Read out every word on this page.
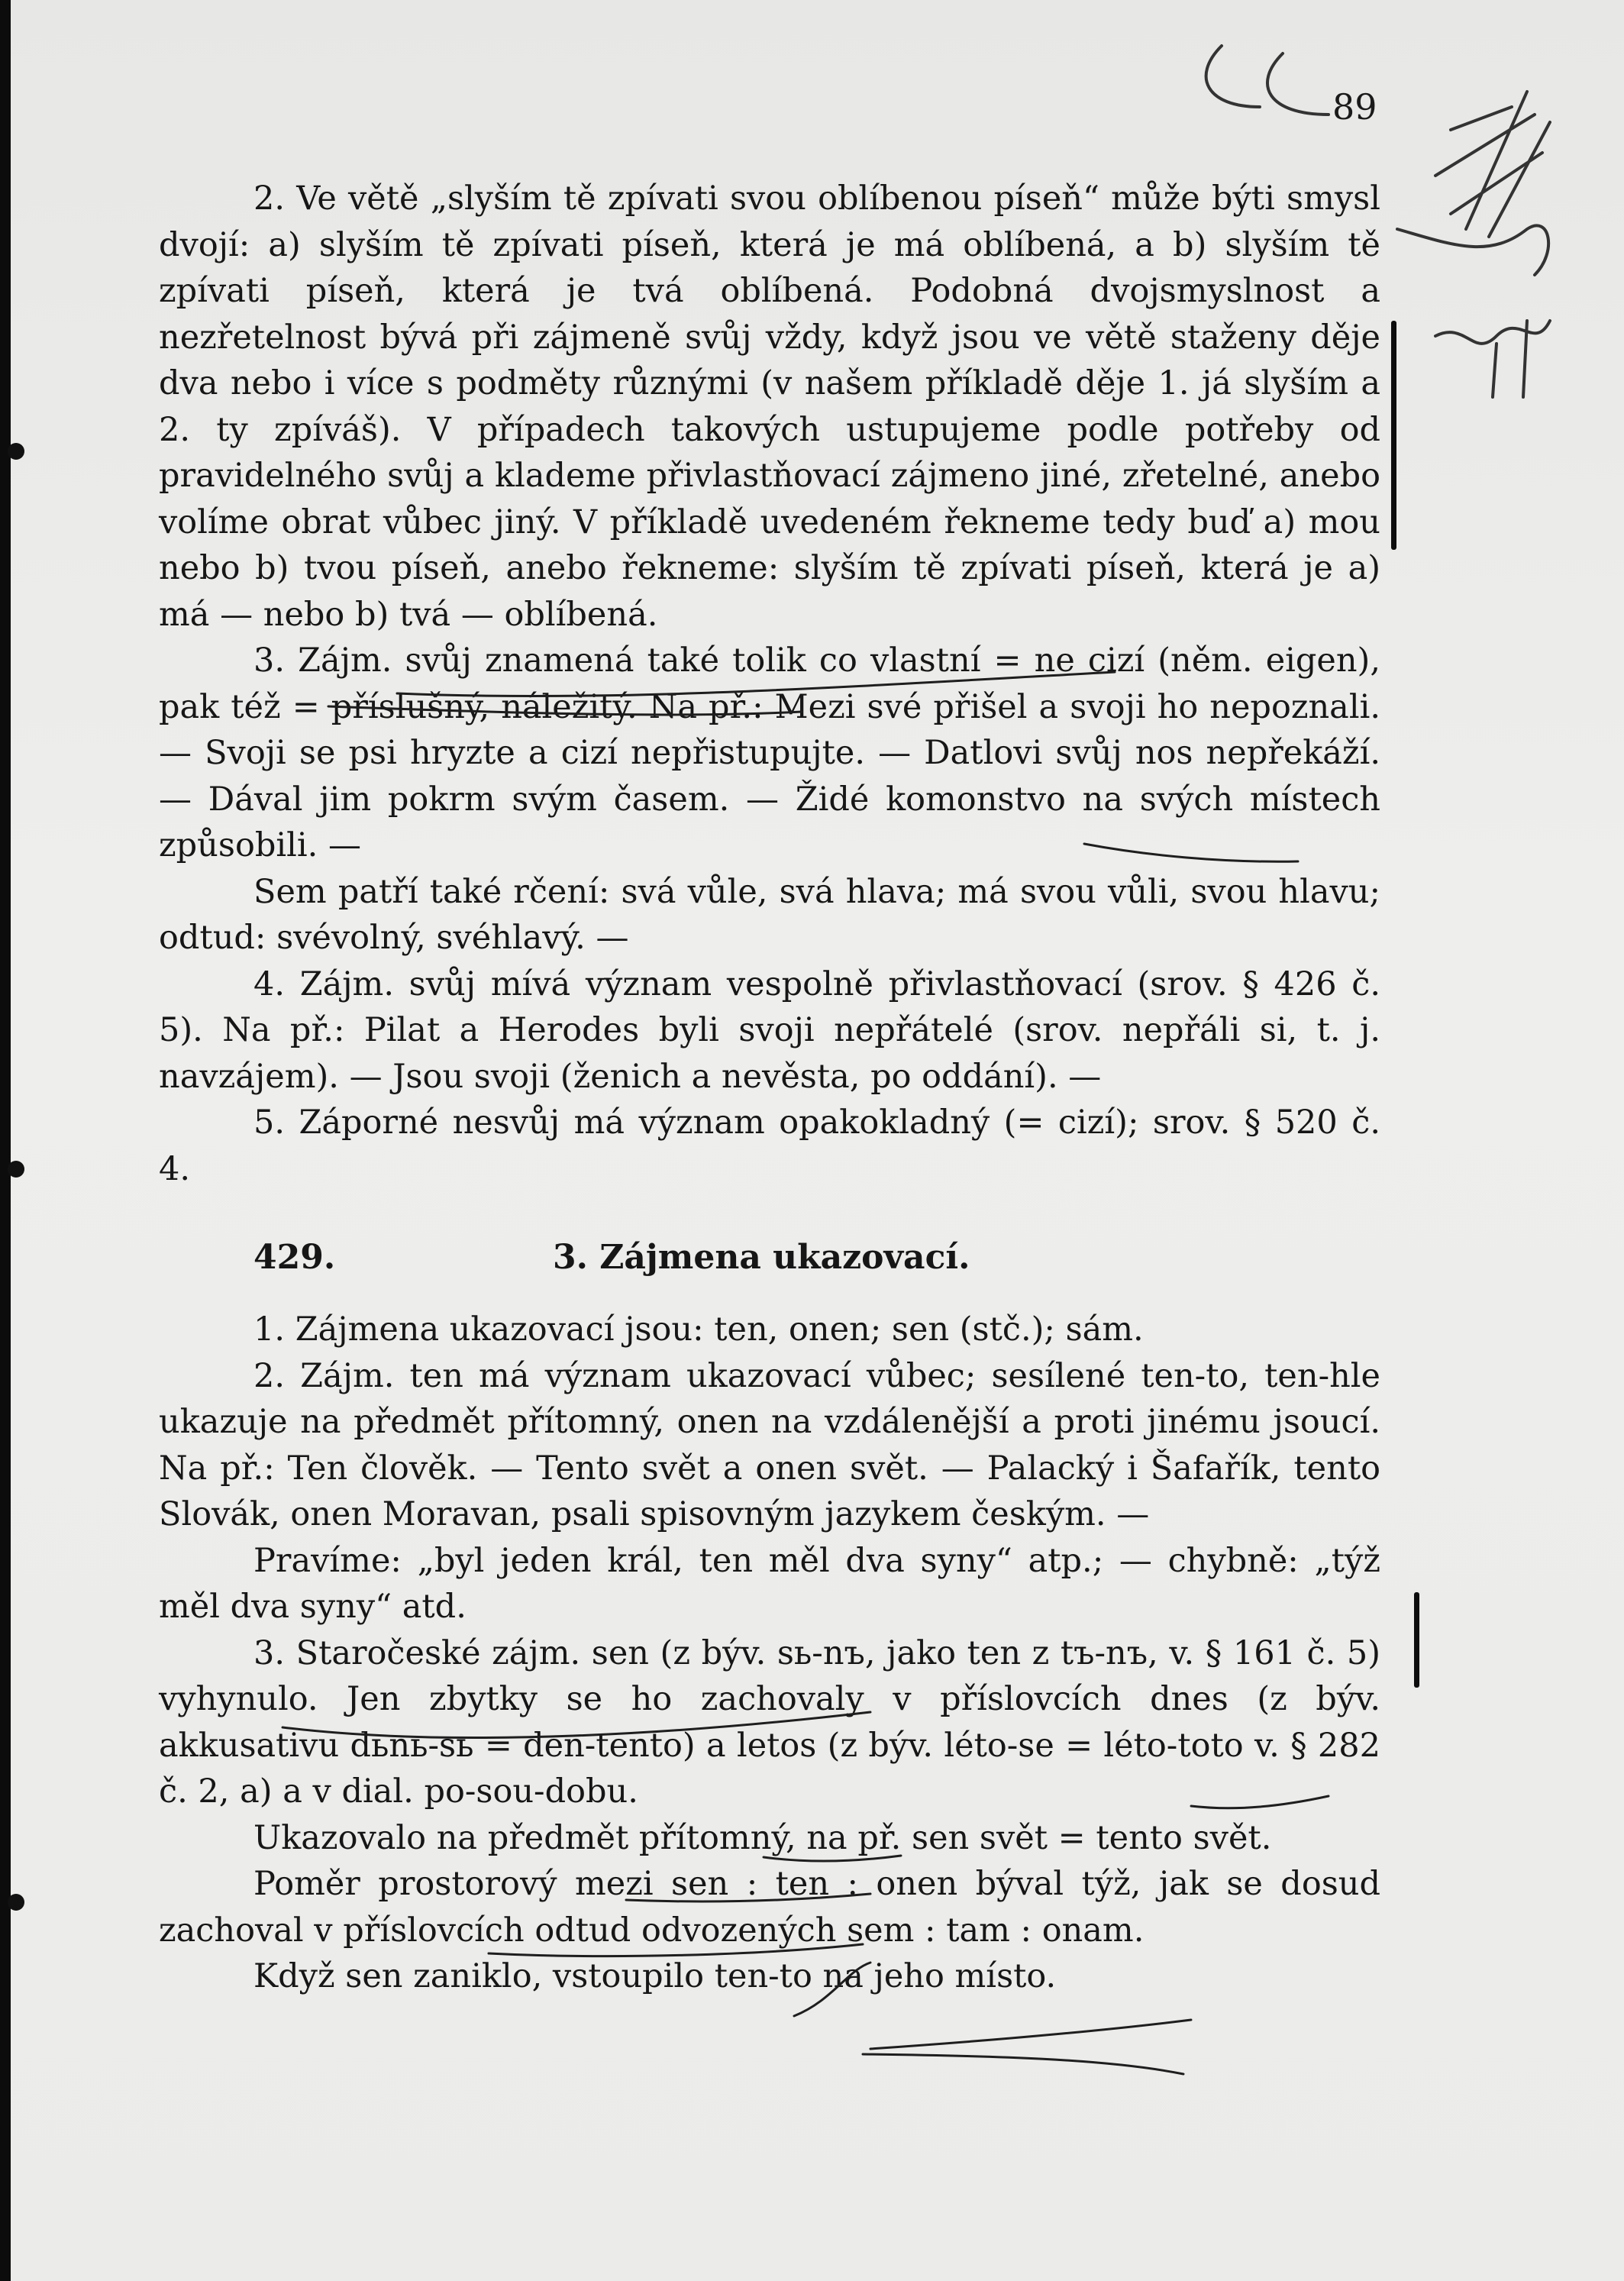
89

2. Ve větě „slyším tě zpívati svou oblíbenou píseň“ může býti smysl dvojí: a) slyším tě zpívati píseň, která je má oblíbená, a b) slyším tě zpívati píseň, která je tvá oblíbená. Podobná dvojsmyslnost a nezřetelnost bývá při zájmeně svůj vždy, když jsou ve větě staženy děje dva nebo i více s podměty různými (v našem příkladě děje 1. já slyším a 2. ty zpíváš). V případech takových ustupujeme podle potřeby od pravidelného svůj a klademe přivlastňovací zájmeno jiné, zřetelné, anebo volíme obrat vůbec jiný. V příkladě uvedeném řekneme tedy buď a) mou nebo b) tvou píseň, anebo řekneme: slyším tě zpívati píseň, která je a) má — nebo b) tvá — oblíbená.

3. Zájm. svůj znamená také tolik co vlastní = ne cizí (něm. eigen), pak též = příslušný, náležitý. Na př.: Mezi své přišel a svoji ho nepoznali. — Svoji se psi hryzte a cizí nepřistupujte. — Datlovi svůj nos nepřekáží. — Dával jim pokrm svým časem. — Židé komonstvo na svých místech způsobili. —

Sem patří také rčení: svá vůle, svá hlava; má svou vůli, svou hlavu; odtud: svévolný, svéhlavý. —

4. Zájm. svůj mívá význam vespolně přivlastňovací (srov. § 426 č. 5). Na př.: Pilat a Herodes byli svoji nepřátelé (srov. nepřáli si, t. j. navzájem). — Jsou svoji (ženich a nevěsta, po oddání). —

5. Záporné nesvůj má význam opakokladný (= cizí); srov. § 520 č. 4.

429.	3. Zájmena ukazovací.

1. Zájmena ukazovací jsou: ten, onen; sen (stč.); sám.

2. Zájm. ten má význam ukazovací vůbec; sesílené ten-to, ten-hle ukazuje na předmět přítomný, onen na vzdálenější a proti jinému jsoucí. Na př.: Ten člověk. — Tento svět a onen svět. — Palacký i Šafařík, tento Slovák, onen Moravan, psali spisovným jazykem českým. —

Pravíme: „byl jeden král, ten měl dva syny“ atp.; — chybně: „týž měl dva syny“ atd.

3. Staročeské zájm. sen (z býv. sь-nъ, jako ten z tъ-nъ, v. § 161 č. 5) vyhynulo. Jen zbytky se ho zachovaly v příslovcích dnes (z býv. akkusativu dьnь-sь = den-tento) a letos (z býv. léto-se = léto-toto v. § 282 č. 2, a) a v dial. po-sou-dobu.

Ukazovalo na předmět přítomný, na př. sen svět = tento svět.

Poměr prostorový mezi sen : ten : onen býval týž, jak se dosud zachoval v příslovcích odtud odvozených sem : tam : onam.

Když sen zaniklo, vstoupilo ten-to na jeho místo.
